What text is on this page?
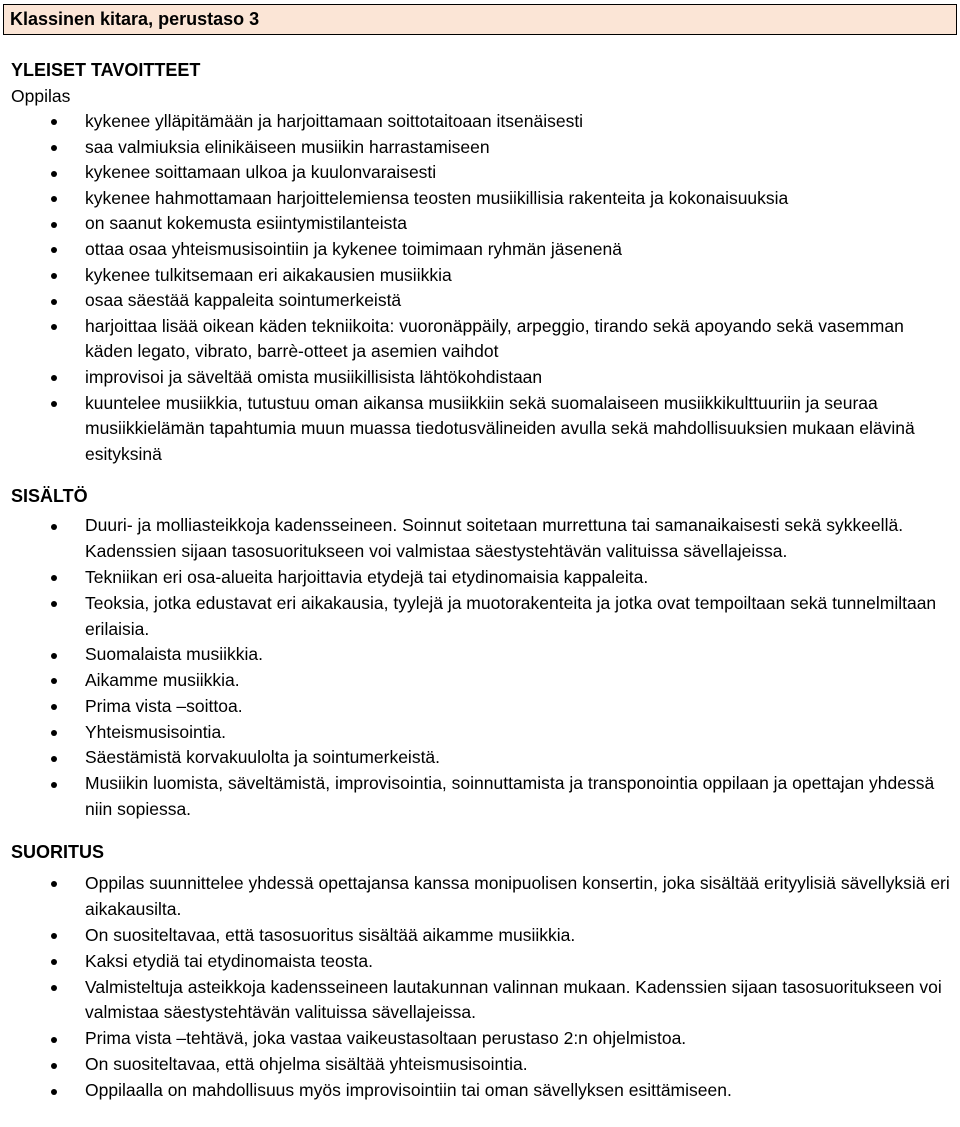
Klassinen kitara, perustaso 3
YLEISET TAVOITTEET

Oppilas

kykenee ylläpitämään ja harjoittamaan soittotaitoaan itsenäisesti
saa valmiuksia elinikäiseen musiikin harrastamiseen
kykenee soittamaan ulkoa ja kuulonvaraisesti
kykenee hahmottamaan harjoittelemiensa teosten musiikillisia rakenteita ja kokonaisuuksia
on saanut kokemusta esiintymistilanteista
ottaa osaa yhteismusisointiin ja kykenee toimimaan ryhmän jäsenenä
kykenee tulkitsemaan eri aikakausien musiikkia
osaa säestää kappaleita sointumerkeistä
harjoittaa lisää oikean käden tekniikoita: vuoronäppäily, arpeggio, tirando sekä apoyando sekä vasemman käden legato, vibrato, barrè-otteet ja asemien vaihdot
improvisoi ja säveltää omista musiikillisista lähtökohdistaan
kuuntelee musiikkia, tutustuu oman aikansa musiikkiin sekä suomalaiseen musiikkikulttuuriin ja seuraa musiikkielämän tapahtumia muun muassa tiedotusvälineiden avulla sekä mahdollisuuksien mukaan elävinä esityksinä
SISÄLTÖ
Duuri- ja molliasteikkoja kadensseineen. Soinnut soitetaan murrettuna tai samanaikaisesti sekä sykkeellä. Kadenssien sijaan tasosuoritukseen voi valmistaa säestystehtävän valituissa sävellajeissa.
Tekniikan eri osa-alueita harjoittavia etydejä tai etydinomaisia kappaleita.
Teoksia, jotka edustavat eri aikakausia, tyylejä ja muotorakenteita ja jotka ovat tempoiltaan sekä tunnelmiltaan erilaisia.
Suomalaista musiikkia.
Aikamme musiikkia.
Prima vista –soittoa.
Yhteismusisointia.
Säestämistä korvakuulolta ja sointumerkeistä.
Musiikin luomista, säveltämistä, improvisointia, soinnuttamista ja transponointia oppilaan ja opettajan yhdessä niin sopiessa.
SUORITUS
Oppilas suunnittelee yhdessä opettajansa kanssa monipuolisen konsertin, joka sisältää erityylisiä sävellyksiä eri aikakausilta.
On suositeltavaa, että tasosuoritus sisältää aikamme musiikkia.
Kaksi etydiä tai etydinomaista teosta.
Valmisteltuja asteikkoja kadensseineen lautakunnan valinnan mukaan. Kadenssien sijaan tasosuoritukseen voi valmistaa säestystehtävän valituissa sävellajeissa.
Prima vista –tehtävä, joka vastaa vaikeustasoltaan perustaso 2:n ohjelmistoa.
On suositeltavaa, että ohjelma sisältää yhteismusisointia.
Oppilaalla on mahdollisuus myös improvisointiin tai oman sävellyksen esittämiseen.
